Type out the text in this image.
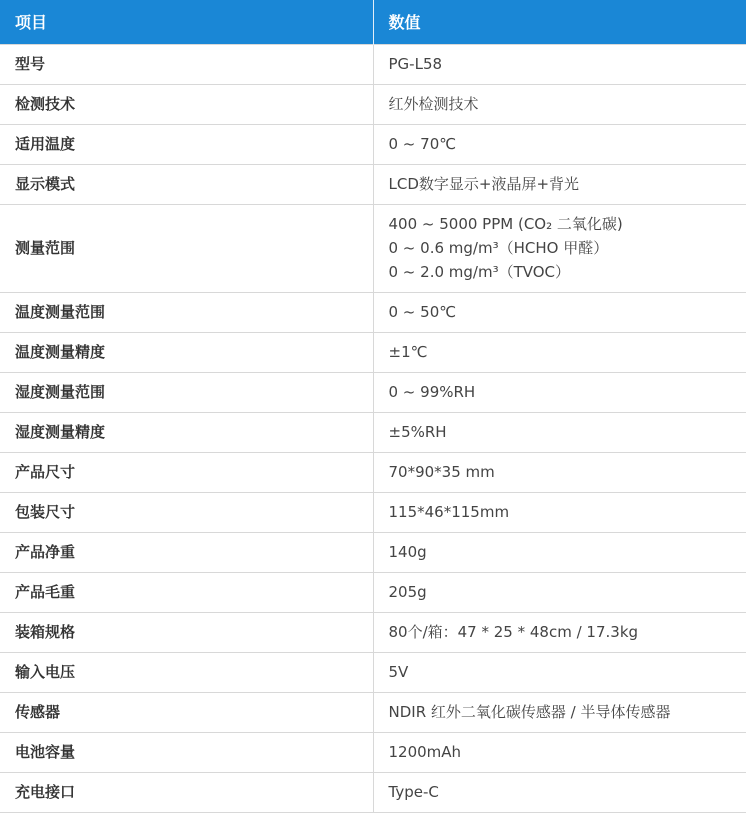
项目	数值
型号	PG-L58
检测技术	红外检测技术
适用温度	0 ~ 70℃
显示模式	LCD数字显示+液晶屏+背光
测量范围	400 ~ 5000 PPM (CO₂ 二氧化碳)
0 ~ 0.6 mg/m³（HCHO 甲醛）
0 ~ 2.0 mg/m³（TVOC）

温度测量范围	0 ~ 50℃
温度测量精度	±1℃
湿度测量范围	0 ~ 99%RH
湿度测量精度	±5%RH
产品尺寸	70*90*35 mm
包装尺寸	115*46*115mm
产品净重	140g
产品毛重	205g
装箱规格	80个/箱：47 * 25 * 48cm / 17.3kg
输入电压	5V
传感器	NDIR 红外二氧化碳传感器 / 半导体传感器
电池容量	1200mAh
充电接口	Type-C
